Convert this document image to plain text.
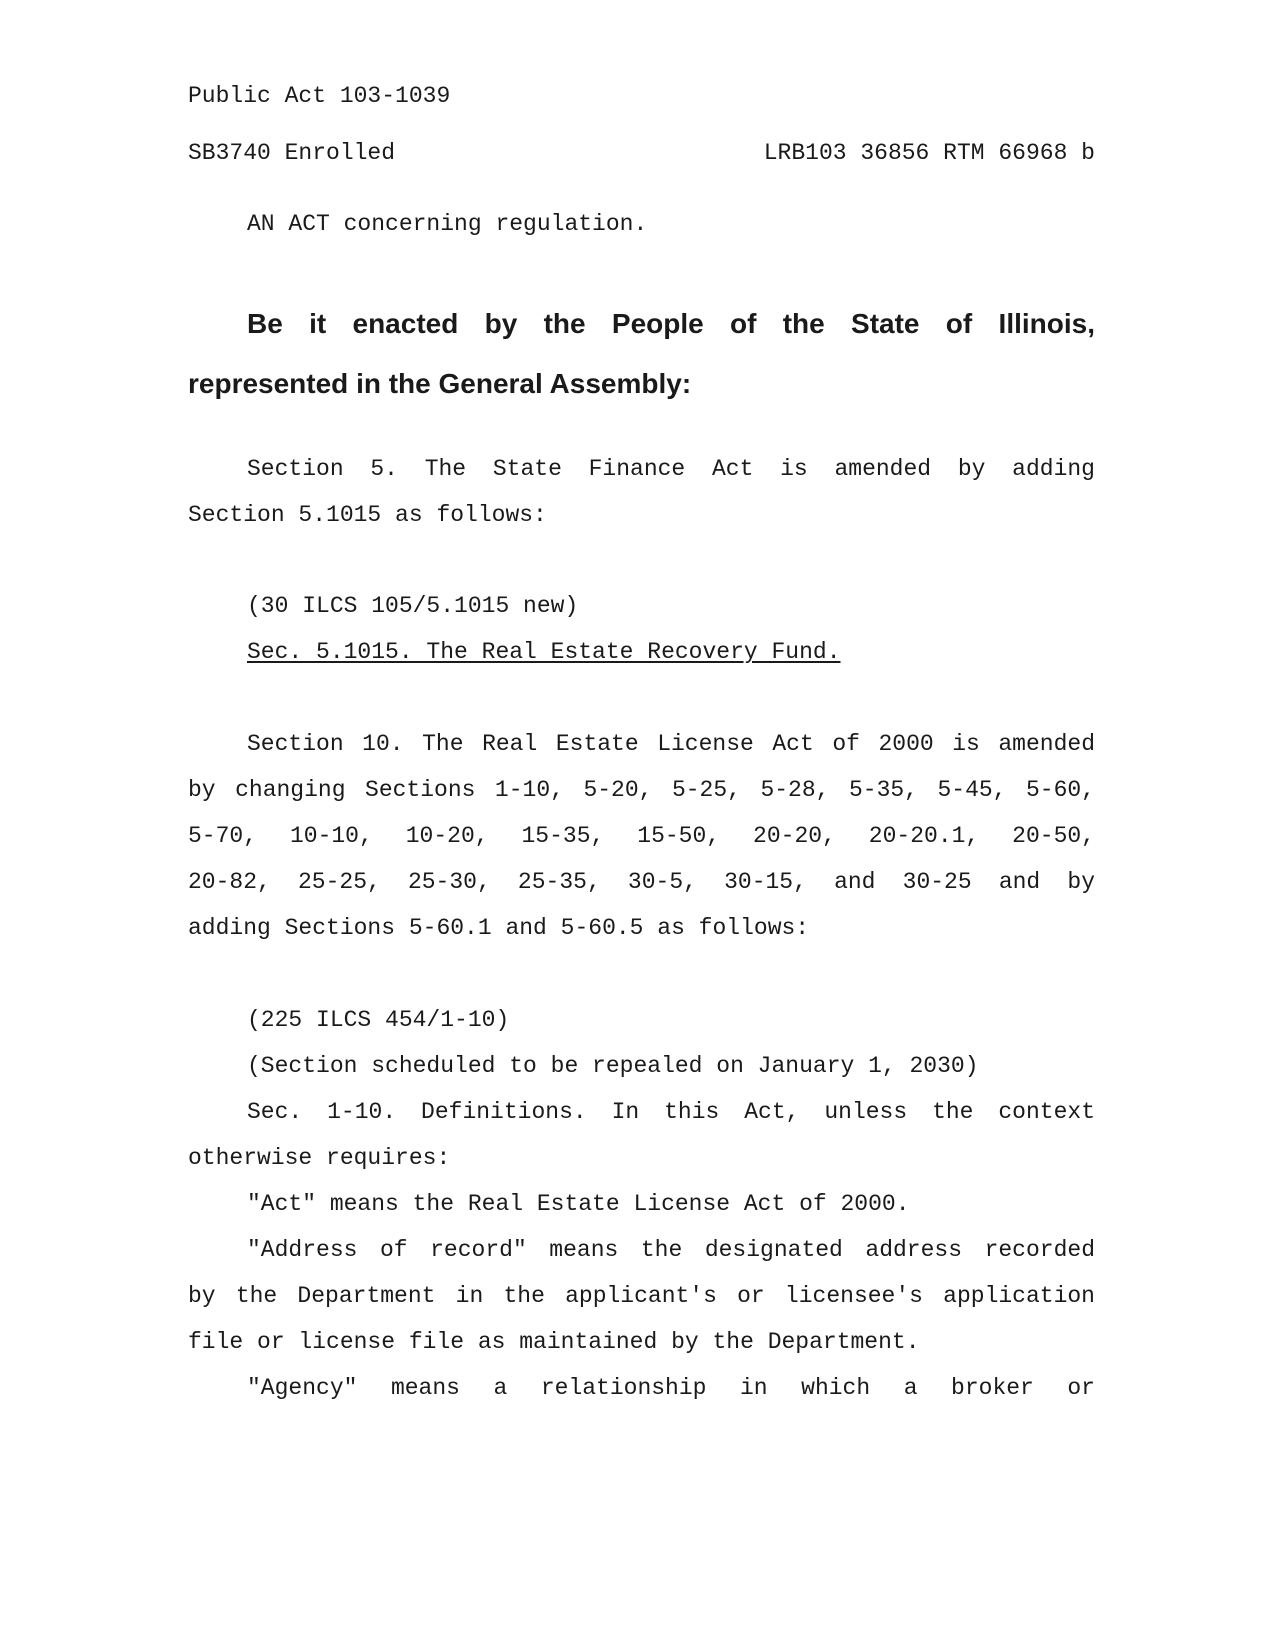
Public Act 103-1039
SB3740 Enrolled	LRB103 36856 RTM 66968 b
AN ACT concerning regulation.
Be it enacted by the People of the State of Illinois,
represented in the General Assembly:
Section 5. The State Finance Act is amended by adding
Section 5.1015 as follows:
(30 ILCS 105/5.1015 new)
Sec. 5.1015. The Real Estate Recovery Fund.
Section 10. The Real Estate License Act of 2000 is amended
by changing Sections 1-10, 5-20, 5-25, 5-28, 5-35, 5-45, 5-60,
5-70, 10-10, 10-20, 15-35, 15-50, 20-20, 20-20.1, 20-50,
20-82, 25-25, 25-30, 25-35, 30-5, 30-15, and 30-25 and by
adding Sections 5-60.1 and 5-60.5 as follows:
(225 ILCS 454/1-10)
(Section scheduled to be repealed on January 1, 2030)
Sec. 1-10. Definitions. In this Act, unless the context
otherwise requires:
"Act" means the Real Estate License Act of 2000.
"Address of record" means the designated address recorded
by the Department in the applicant's or licensee's application
file or license file as maintained by the Department.
"Agency" means a relationship in which a broker or
